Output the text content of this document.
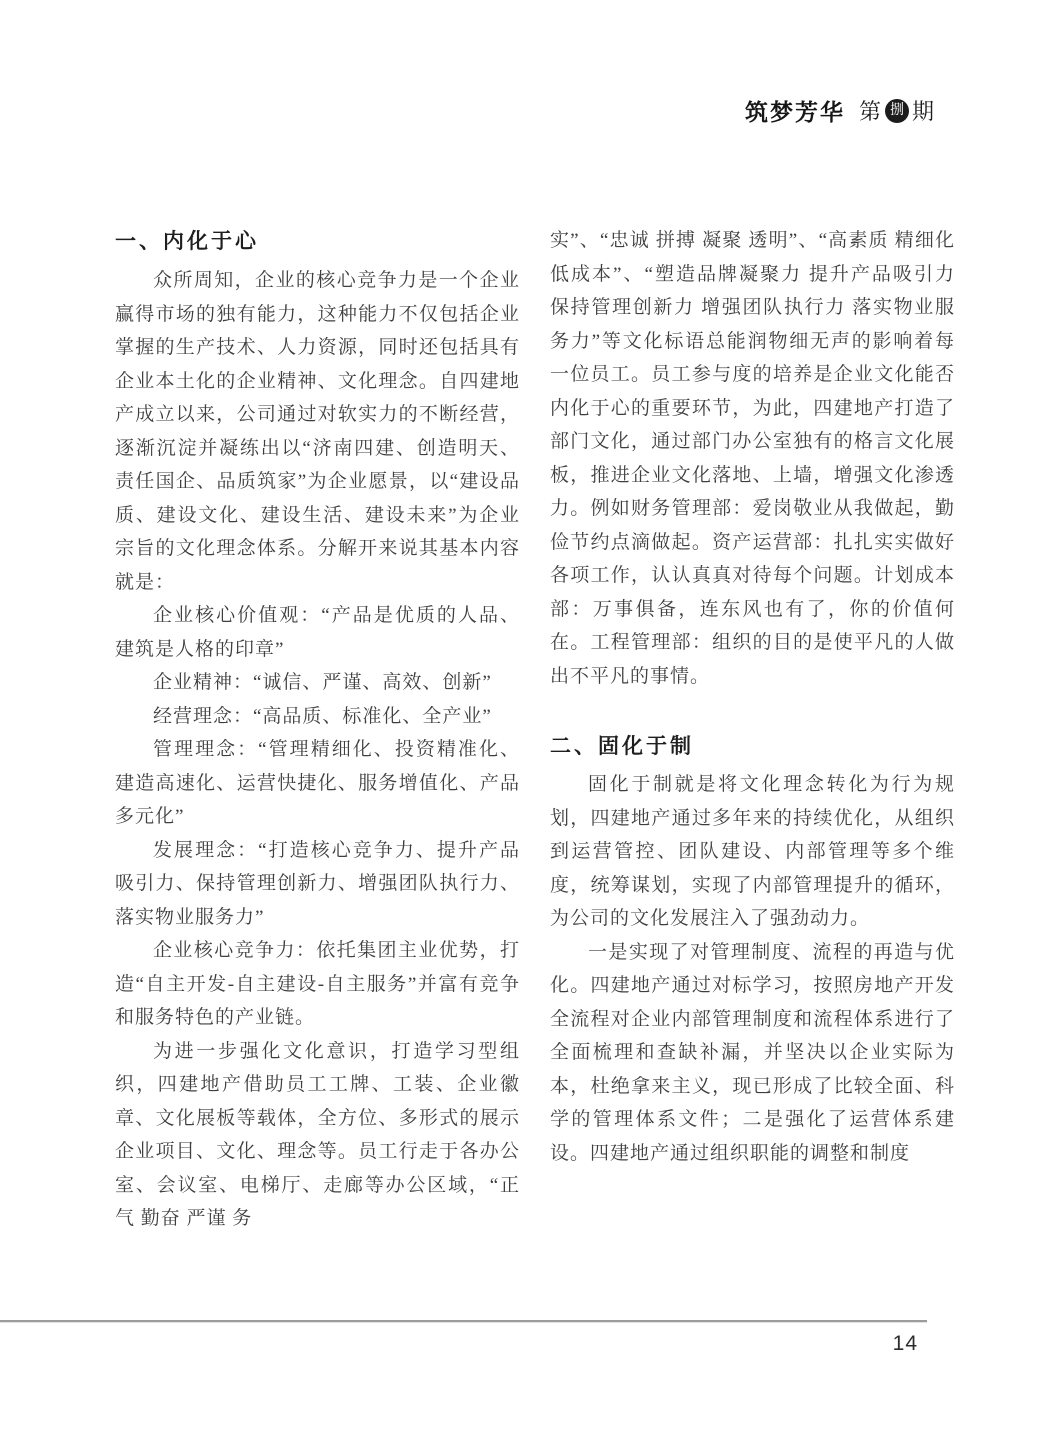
筑梦芳华 第 捌 期
一、内化于心

众所周知，企业的核心竞争力是一个企业赢得市场的独有能力，这种能力不仅包括企业掌握的生产技术、人力资源，同时还包括具有企业本土化的企业精神、文化理念。自四建地产成立以来，公司通过对软实力的不断经营，逐渐沉淀并凝练出以“济南四建、创造明天、责任国企、品质筑家”为企业愿景，以“建设品质、建设文化、建设生活、建设未来”为企业宗旨的文化理念体系。分解开来说其基本内容就是：

企业核心价值观：“产品是优质的人品、建筑是人格的印章”

企业精神：“诚信、严谨、高效、创新”

经营理念：“高品质、标准化、全产业”

管理理念：“管理精细化、投资精准化、建造高速化、运营快捷化、服务增值化、产品多元化”

发展理念：“打造核心竞争力、提升产品吸引力、保持管理创新力、增强团队执行力、落实物业服务力”

企业核心竞争力：依托集团主业优势，打造“自主开发-自主建设-自主服务”并富有竞争和服务特色的产业链。

为进一步强化文化意识，打造学习型组织，四建地产借助员工工牌、工装、企业徽章、文化展板等载体，全方位、多形式的展示企业项目、文化、理念等。员工行走于各办公室、会议室、电梯厅、走廊等办公区域，“正气 勤奋 严谨 务

实”、“忠诚 拼搏 凝聚 透明”、“高素质 精细化 低成本”、“塑造品牌凝聚力 提升产品吸引力 保持管理创新力 增强团队执行力 落实物业服务力”等文化标语总能润物细无声的影响着每一位员工。员工参与度的培养是企业文化能否内化于心的重要环节，为此，四建地产打造了部门文化，通过部门办公室独有的格言文化展板，推进企业文化落地、上墙，增强文化渗透力。例如财务管理部：爱岗敬业从我做起，勤俭节约点滴做起。资产运营部：扎扎实实做好各项工作，认认真真对待每个问题。计划成本部：万事俱备，连东风也有了，你的价值何在。工程管理部：组织的目的是使平凡的人做出不平凡的事情。

二、固化于制

固化于制就是将文化理念转化为行为规划，四建地产通过多年来的持续优化，从组织到运营管控、团队建设、内部管理等多个维度，统筹谋划，实现了内部管理提升的循环，为公司的文化发展注入了强劲动力。

一是实现了对管理制度、流程的再造与优化。四建地产通过对标学习，按照房地产开发全流程对企业内部管理制度和流程体系进行了全面梳理和查缺补漏，并坚决以企业实际为本，杜绝拿来主义，现已形成了比较全面、科学的管理体系文件；二是强化了运营体系建设。四建地产通过组织职能的调整和制度

14
